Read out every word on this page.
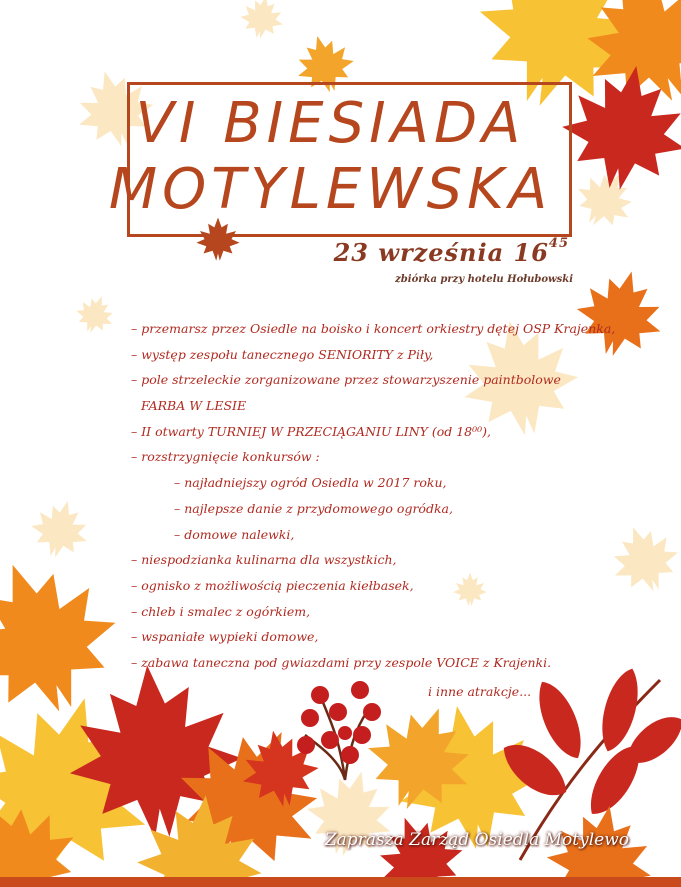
VI BIESIADA
MOTYLEWSKA
23 września $16^{45}$
zbiórka przy hotelu Hołubowski
– przemarsz przez Osiedle na boisko i koncert orkiestry dętej OSP Krajenka,
– występ zespołu tanecznego SENIORITY z Piły,
– pole strzeleckie zorganizowane przez stowarzyszenie paintbolowe
FARBA W LESIE
– II otwarty TURNIEJ W PRZECIĄGANIU LINY (od 18⁰⁰),
– rozstrzygnięcie konkursów :
– najładniejszy ogród Osiedla w 2017 roku,
– najlepsze danie z przydomowego ogródka,
– domowe nalewki,
– niespodzianka kulinarna dla wszystkich,
– ognisko z możliwością pieczenia kiełbasek,
– chleb i smalec z ogórkiem,
– wspaniałe wypieki domowe,
– zabawa taneczna pod gwiazdami przy zespole VOICE z Krajenki.
i inne atrakcje...
Zaprasza Zarząd Osiedla Motylewo
